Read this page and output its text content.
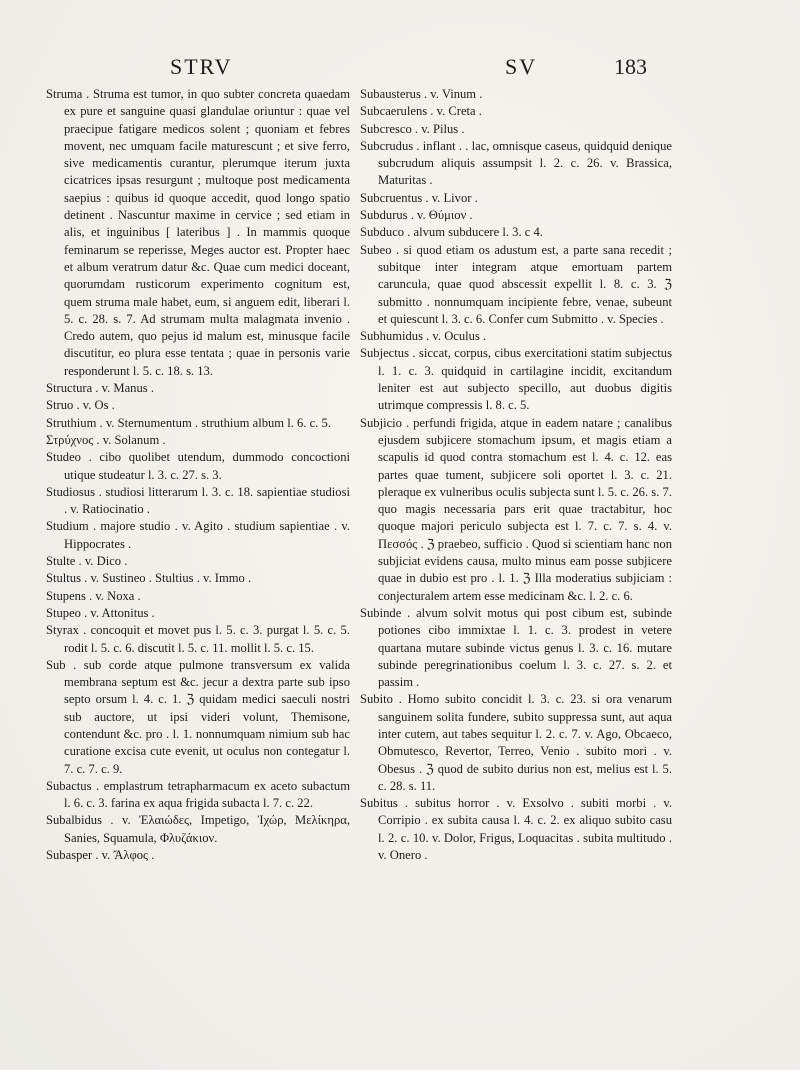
STRV	SV	183

Struma . Struma est tumor, in quo subter concreta quaedam ex pure et sanguine quasi glandulae oriuntur : quae vel praecipue fatigare medicos solent ; quoniam et febres movent, nec umquam facile maturescunt ; et sive ferro, sive medicamentis curantur, plerumque iterum juxta cicatrices ipsas resurgunt ; multoque post medicamenta saepius : quibus id quoque accedit, quod longo spatio detinent . Nascuntur maxime in cervice ; sed etiam in alis, et inguinibus [ lateribus ] . In mammis quoque feminarum se reperisse, Meges auctor est. Propter haec et album veratrum datur &c. Quae cum medici doceant, quorumdam rusticorum experimento cognitum est, quem struma male habet, eum, si anguem edit, liberari l. 5. c. 28. s. 7. Ad strumam multa malagmata invenio . Credo autem, quo pejus id malum est, minusque facile discutitur, eo plura esse tentata ; quae in personis varie responderunt l. 5. c. 18. s. 13.

Structura . v. Manus .

Struo . v. Os .

Struthium . v. Sternumentum . struthium album l. 6. c. 5.

Στρύχνος . v. Solanum .

Studeo . cibo quolibet utendum, dummodo concoctioni utique studeatur l. 3. c. 27. s. 3.

Studiosus . studiosi litterarum l. 3. c. 18. sapientiae studiosi . v. Ratiocinatio .

Studium . majore studio . v. Agito . studium sapientiae . v. Hippocrates .

Stulte . v. Dico .

Stultus . v. Sustineo . Stultius . v. Immo .

Stupens . v. Noxa .

Stupeo . v. Attonitus .

Styrax . concoquit et movet pus l. 5. c. 3. purgat l. 5. c. 5. rodit l. 5. c. 6. discutit l. 5. c. 11. mollit l. 5. c. 15.

Sub . sub corde atque pulmone transversum ex valida membrana septum est &c. jecur a dextra parte sub ipso septo orsum l. 4. c. 1. ℨ quidam medici saeculi nostri sub auctore, ut ipsi videri volunt, Themisone, contendunt &c. pro . l. 1. nonnumquam nimium sub hac curatione excisa cute evenit, ut oculus non contegatur l. 7. c. 7. c. 9.

Subactus . emplastrum tetrapharmacum ex aceto subactum l. 6. c. 3. farina ex aqua frigida subacta l. 7. c. 22.

Subalbidus . v. Ἐλαιώδες, Impetigo, Ἰχώρ, Μελίκηρα, Sanies, Squamula, Φλυζάκιον.

Subasper . v. Ἄλφος .

Subausterus . v. Vinum .

Subcaerulens . v. Creta .

Subcresco . v. Pilus .

Subcrudus . inflant . . lac, omnisque caseus, quidquid denique subcrudum aliquis assumpsit l. 2. c. 26. v. Brassica, Maturitas .

Subcruentus . v. Livor .

Subdurus . v. Θύμιον .

Subduco . alvum subducere l. 3. c 4.

Subeo . si quod etiam os adustum est, a parte sana recedit ; subitque inter integram atque emortuam partem caruncula, quae quod abscessit expellit l. 8. c. 3. ℨ submitto . nonnumquam incipiente febre, venae, subeunt et quiescunt l. 3. c. 6. Confer cum Submitto . v. Species .

Subhumidus . v. Oculus .

Subjectus . siccat, corpus, cibus exercitationi statim subjectus l. 1. c. 3. quidquid in cartilagine incidit, excitandum leniter est aut subjecto specillo, aut duobus digitis utrimque compressis l. 8. c. 5.

Subjicio . perfundi frigida, atque in eadem natare ; canalibus ejusdem subjicere stomachum ipsum, et magis etiam a scapulis id quod contra stomachum est l. 4. c. 12. eas partes quae tument, subjicere soli oportet l. 3. c. 21. pleraque ex vulneribus oculis subjecta sunt l. 5. c. 26. s. 7. quo magis necessaria pars erit quae tractabitur, hoc quoque majori periculo subjecta est l. 7. c. 7. s. 4. v. Πεσσός . ℨ praebeo, sufficio . Quod si scientiam hanc non subjiciat evidens causa, multo minus eam posse subjicere quae in dubio est pro . l. 1. ℨ Illa moderatius subjiciam : conjecturalem artem esse medicinam &c. l. 2. c. 6.

Subinde . alvum solvit motus qui post cibum est, subinde potiones cibo immixtae l. 1. c. 3. prodest in vetere quartana mutare subinde victus genus l. 3. c. 16. mutare subinde peregrinationibus coelum l. 3. c. 27. s. 2. et passim .

Subito . Homo subito concidit l. 3. c. 23. si ora venarum sanguinem solita fundere, subito suppressa sunt, aut aqua inter cutem, aut tabes sequitur l. 2. c. 7. v. Ago, Obcaeco, Obmutesco, Revertor, Terreo, Venio . subito mori . v. Obesus . ℨ quod de subito durius non est, melius est l. 5. c. 28. s. 11.

Subitus . subitus horror . v. Exsolvo . subiti morbi . v. Corripio . ex subita causa l. 4. c. 2. ex aliquo subito casu l. 2. c. 10. v. Dolor, Frigus, Loquacitas . subita multitudo . v. Onero .
